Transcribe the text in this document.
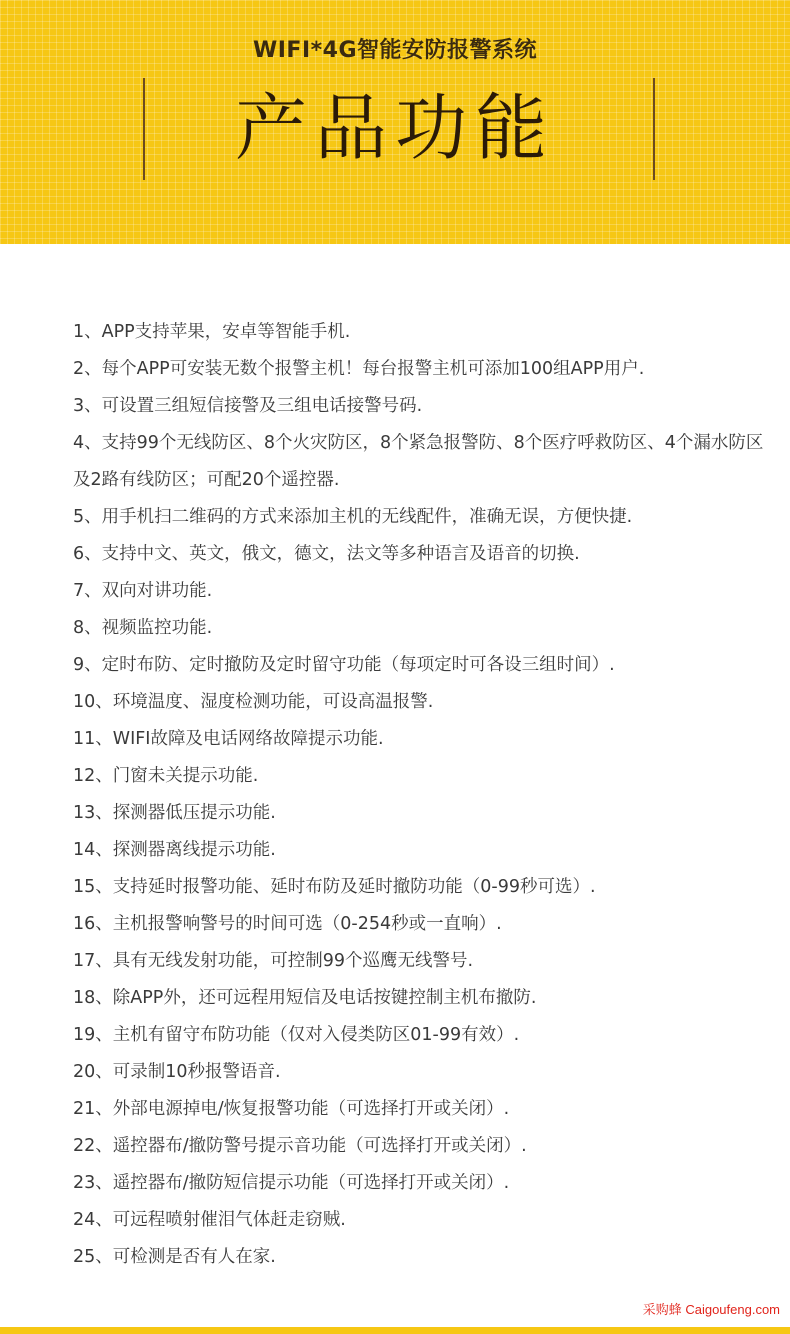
WIFI*4G智能安防报警系统
产品功能
1、APP支持苹果，安卓等智能手机.
2、每个APP可安装无数个报警主机！每台报警主机可添加100组APP用户.
3、可设置三组短信接警及三组电话接警号码.
4、支持99个无线防区、8个火灾防区，8个紧急报警防、8个医疗呼救防区、4个漏水防区及2路有线防区；可配20个遥控器.
5、用手机扫二维码的方式来添加主机的无线配件，准确无误，方便快捷.
6、支持中文、英文，俄文，德文，法文等多种语言及语音的切换.
7、双向对讲功能.
8、视频监控功能.
9、定时布防、定时撤防及定时留守功能（每项定时可各设三组时间）.
10、环境温度、湿度检测功能，可设高温报警.
11、WIFI故障及电话网络故障提示功能.
12、门窗未关提示功能.
13、探测器低压提示功能.
14、探测器离线提示功能.
15、支持延时报警功能、延时布防及延时撤防功能（0-99秒可选）.
16、主机报警响警号的时间可选（0-254秒或一直响）.
17、具有无线发射功能，可控制99个巡鹰无线警号.
18、除APP外，还可远程用短信及电话按键控制主机布撤防.
19、主机有留守布防功能（仅对入侵类防区01-99有效）.
20、可录制10秒报警语音.
21、外部电源掉电/恢复报警功能（可选择打开或关闭）.
22、遥控器布/撤防警号提示音功能（可选择打开或关闭）.
23、遥控器布/撤防短信提示功能（可选择打开或关闭）.
24、可远程喷射催泪气体赶走窃贼.
25、可检测是否有人在家.
采购蜂 Caigoufeng.com
